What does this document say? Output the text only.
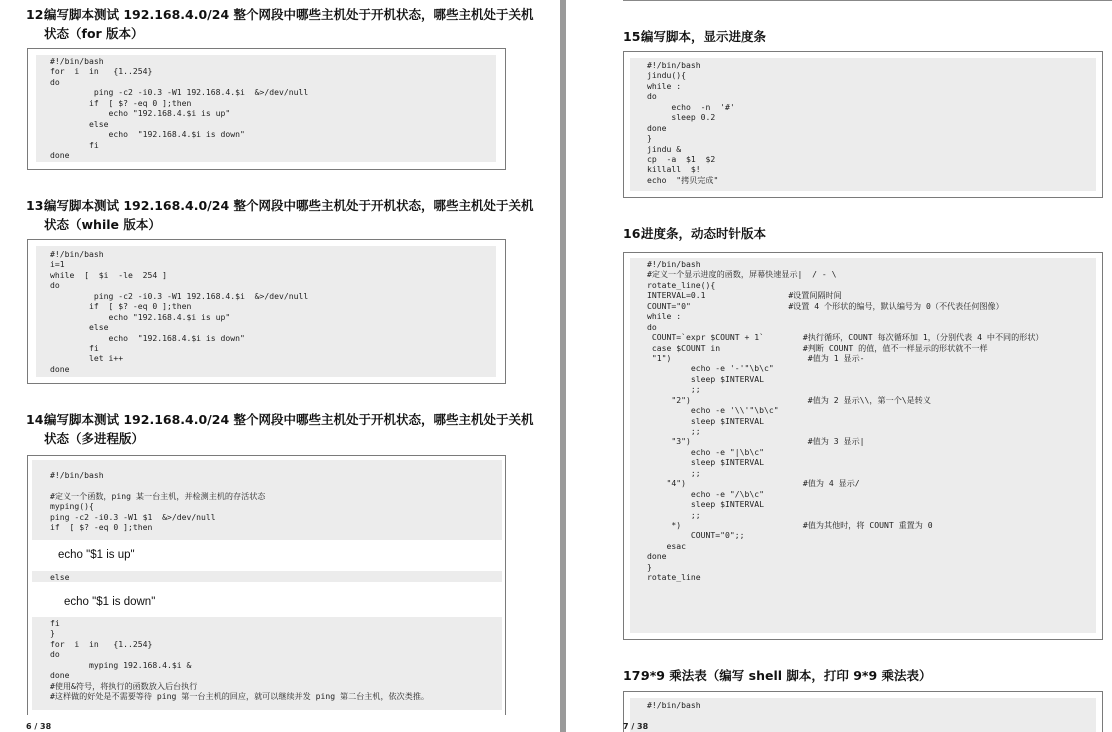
12.编写脚本测试 192.168.4.0/24 整个网段中哪些主机处于开机状态，哪些主机处于关机
状态（for 版本）
#!/bin/bash
for  i  in   {1..254}
do
ping -c2 -i0.3 -W1 192.168.4.$i  &>/dev/null
if  [ $? -eq 0 ];then
echo "192.168.4.$i is up"
else
echo  "192.168.4.$i is down"
fi
done
13.编写脚本测试 192.168.4.0/24 整个网段中哪些主机处于开机状态，哪些主机处于关机
状态（while 版本）
#!/bin/bash
i=1
while  [  $i  -le  254 ]
do
ping -c2 -i0.3 -W1 192.168.4.$i  &>/dev/null
if  [ $? -eq 0 ];then
echo "192.168.4.$i is up"
else
echo  "192.168.4.$i is down"
fi
let i++
done
14.编写脚本测试 192.168.4.0/24 整个网段中哪些主机处于开机状态，哪些主机处于关机
状态（多进程版）
#!/bin/bash
#定义一个函数，ping 某一台主机，并检测主机的存活状态
myping(){
ping -c2 -i0.3 -W1 $1  &>/dev/null
if  [ $? -eq 0 ];then
echo "$1 is up"
else
echo "$1 is down"
fi
}
for  i  in   {1..254}
do
myping 192.168.4.$i &
done
#使用&符号，将执行的函数放入后台执行
#这样做的好处是不需要等待 ping 第一台主机的回应，就可以继续并发 ping 第二台主机，依次类推。
6 / 38
15.编写脚本，显示进度条
#!/bin/bash
jindu(){
while :
do
echo  -n  '#'
sleep 0.2
done
}
jindu &
cp  -a  $1  $2
killall  $!
echo  "拷贝完成"
16.进度条，动态时针版本
#!/bin/bash
#定义一个显示进度的函数，屏幕快速显示|  / - \
rotate_line(){
INTERVAL=0.1                 #设置间隔时间
COUNT="0"                    #设置 4 个形状的编号，默认编号为 0（不代表任何图像）
while :
do
COUNT=`expr $COUNT + 1`        #执行循环，COUNT 每次循环加 1，（分别代表 4 中不同的形状）
case $COUNT in                 #判断 COUNT 的值，值不一样显示的形状就不一样
"1")                            #值为 1 显示-
echo -e '-'"\b\c"
sleep $INTERVAL
;;
"2")                        #值为 2 显示\\，第一个\是转义
echo -e '\\'"\b\c"
sleep $INTERVAL
;;
"3")                        #值为 3 显示|
echo -e "|\b\c"
sleep $INTERVAL
;;
"4")                        #值为 4 显示/
echo -e "/\b\c"
sleep $INTERVAL
;;
*)                         #值为其他时，将 COUNT 重置为 0
COUNT="0";;
esac
done
}
rotate_line
17.9*9 乘法表（编写 shell 脚本，打印 9*9 乘法表）
#!/bin/bash
7 / 38
